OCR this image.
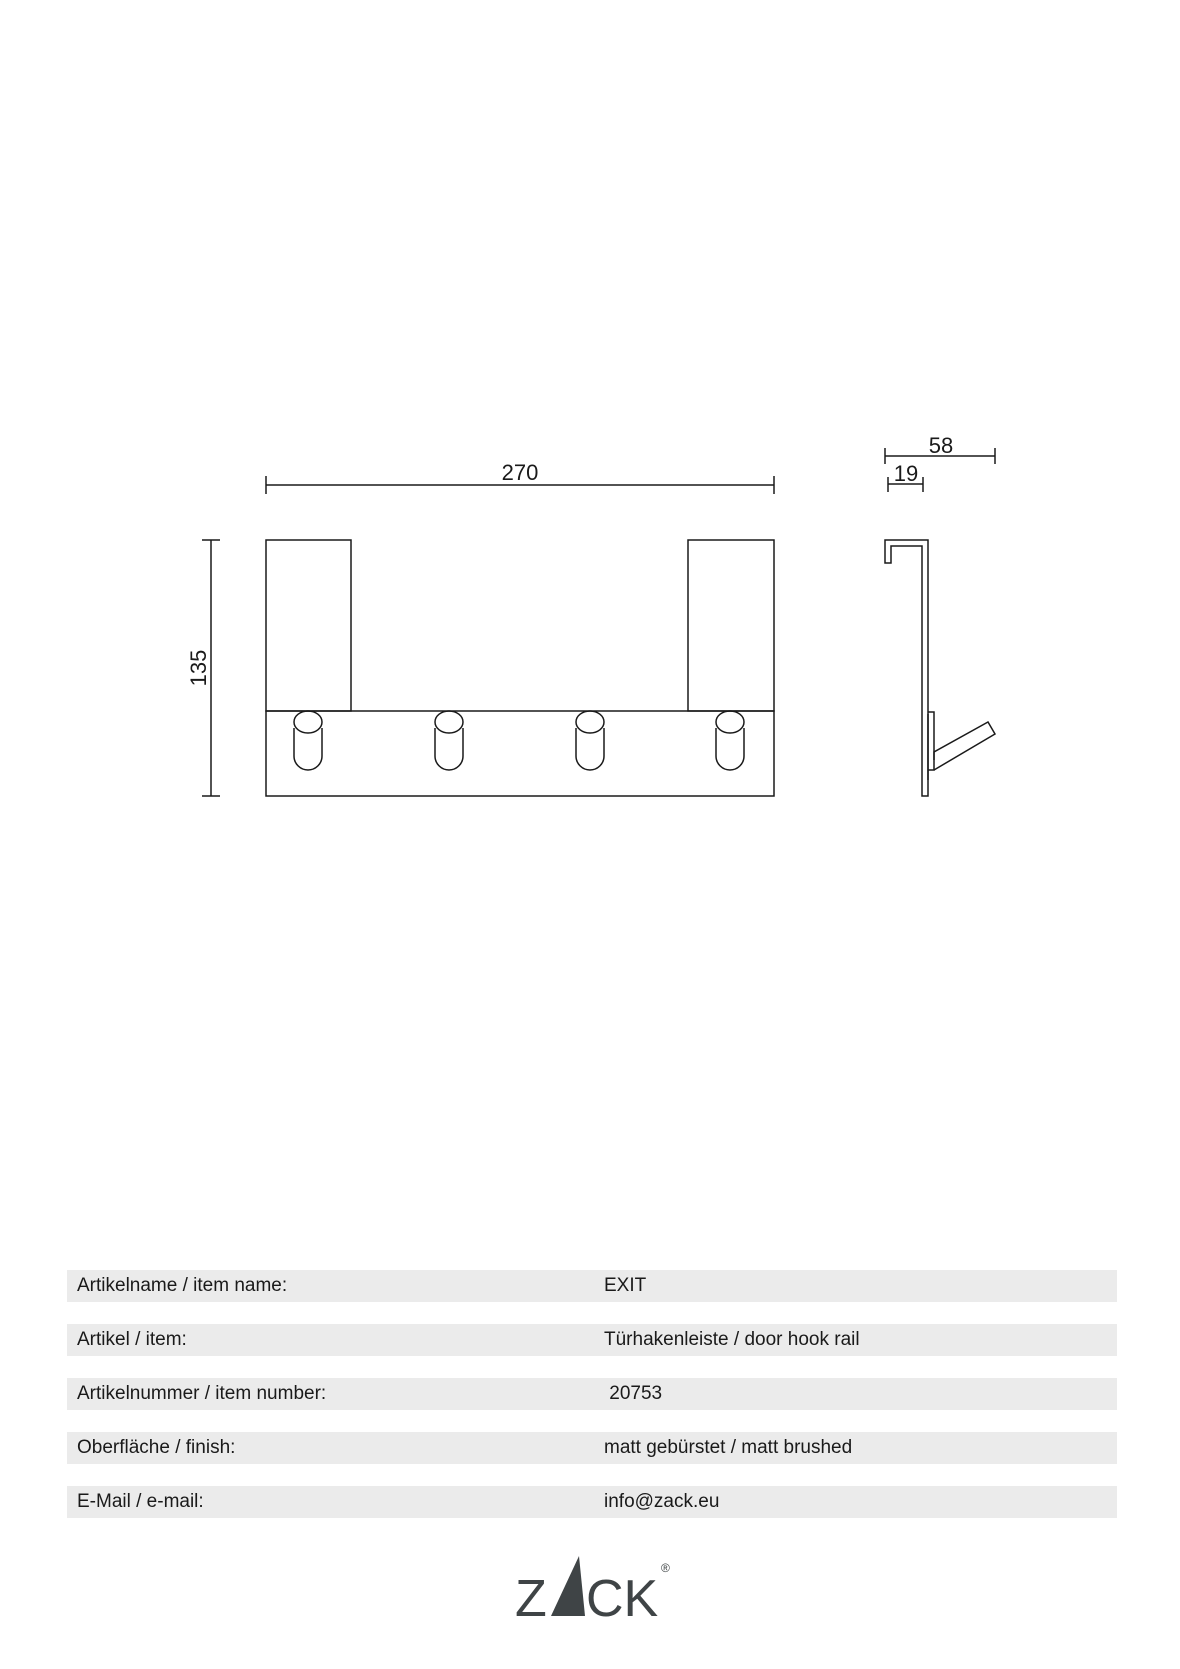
270
135
58
19
Artikelname / item name:	EXIT
Artikel / item:	Türhakenleiste / door hook rail
Artikelnummer / item number:	20753
Oberfläche / finish:	matt gebürstet / matt brushed
E-Mail / e-mail:	info@zack.eu
Z CK
®
